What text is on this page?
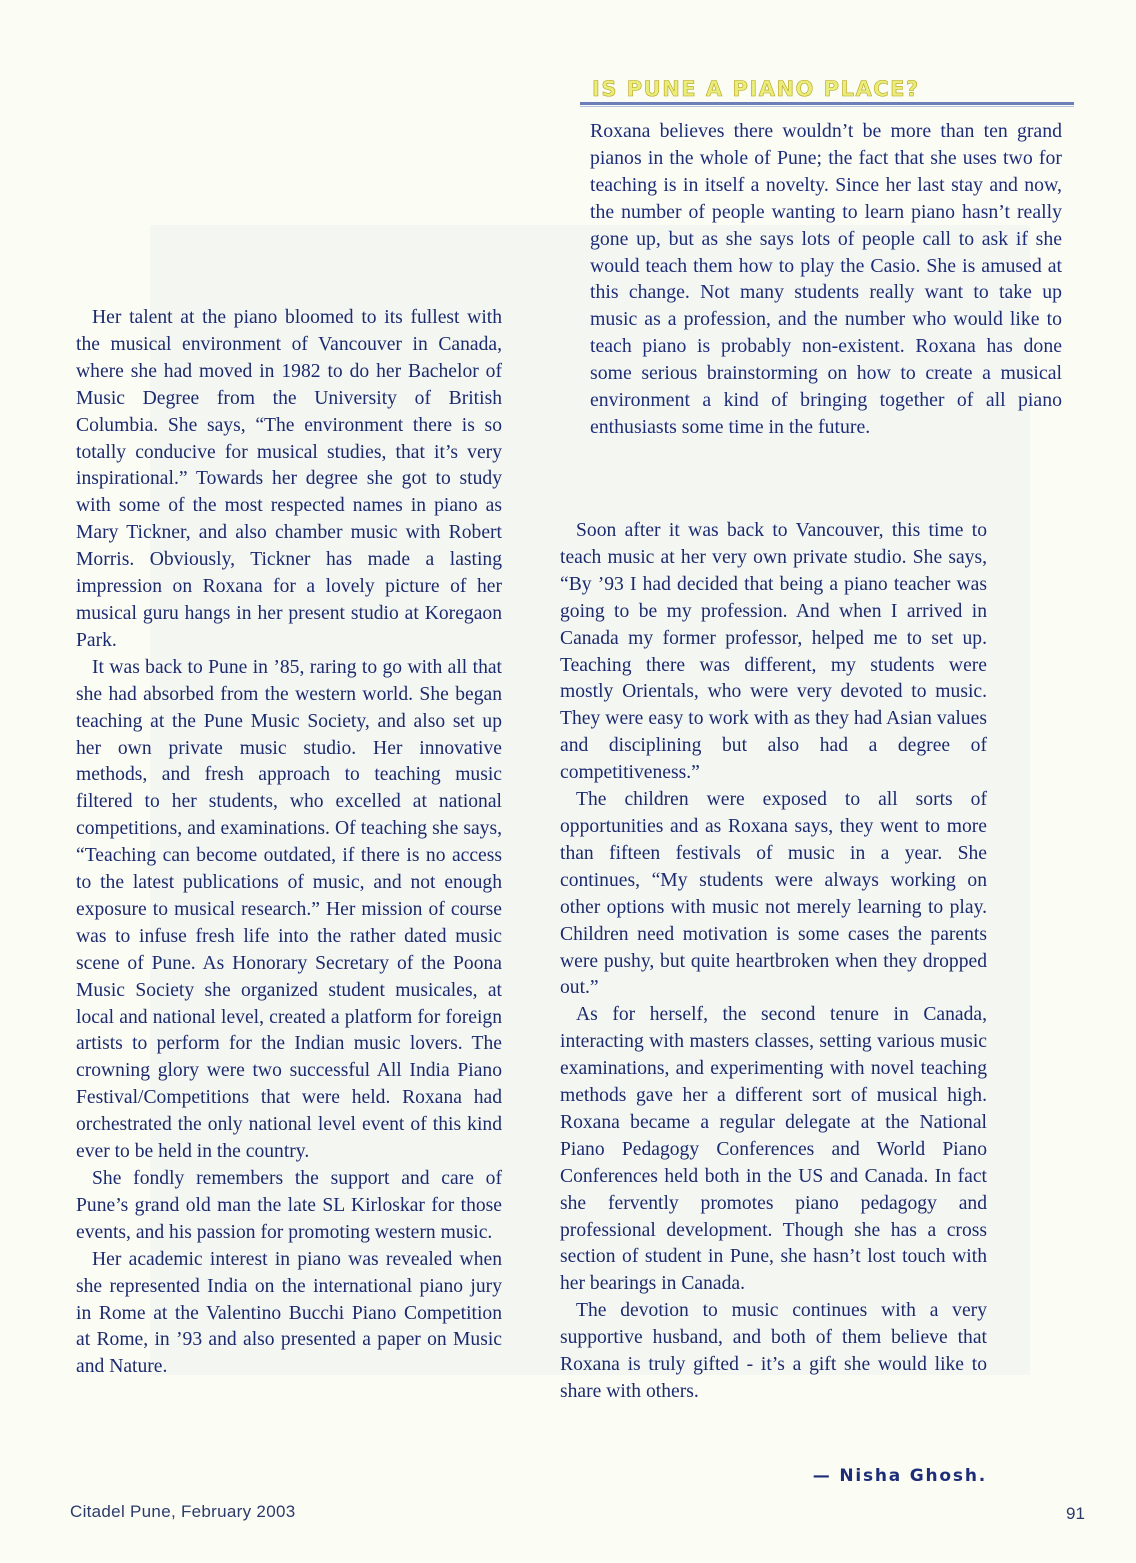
IS PUNE A PIANO PLACE?

Roxana believes there wouldn’t be more than ten grand pianos in the whole of Pune; the fact that she uses two for teaching is in itself a novelty. Since her last stay and now, the number of people wanting to learn piano hasn’t really gone up, but as she says lots of people call to ask if she would teach them how to play the Casio. She is amused at this change. Not many students really want to take up music as a profession, and the number who would like to teach piano is probably non-existent. Roxana has done some serious brainstorming on how to create a musical environment a kind of bringing together of all piano enthusiasts some time in the future.

Her talent at the piano bloomed to its fullest with the musical environment of Vancouver in Canada, where she had moved in 1982 to do her Bachelor of Music Degree from the University of British Columbia. She says, “The environment there is so totally conducive for musical studies, that it’s very inspirational.” Towards her degree she got to study with some of the most respected names in piano as Mary Tickner, and also chamber music with Robert Morris. Obviously, Tickner has made a lasting impression on Roxana for a lovely picture of her musical guru hangs in her present studio at Koregaon Park.

It was back to Pune in ’85, raring to go with all that she had absorbed from the western world. She began teaching at the Pune Music Society, and also set up her own private music studio. Her innovative methods, and fresh approach to teaching music filtered to her students, who excelled at national competitions, and examinations. Of teaching she says, “Teaching can become outdated, if there is no access to the latest publications of music, and not enough exposure to musical research.” Her mission of course was to infuse fresh life into the rather dated music scene of Pune. As Honorary Secretary of the Poona Music Society she organized student musicales, at local and national level, created a platform for foreign artists to perform for the Indian music lovers. The crowning glory were two successful All India Piano Festival/Competitions that were held. Roxana had orchestrated the only national level event of this kind ever to be held in the country.

She fondly remembers the support and care of Pune’s grand old man the late SL Kirloskar for those events, and his passion for promoting western music.

Her academic interest in piano was revealed when she represented India on the international piano jury in Rome at the Valentino Bucchi Piano Competition at Rome, in ’93 and also presented a paper on Music and Nature.

Soon after it was back to Vancouver, this time to teach music at her very own private studio. She says, “By ’93 I had decided that being a piano teacher was going to be my profession. And when I arrived in Canada my former professor, helped me to set up. Teaching there was different, my students were mostly Orientals, who were very devoted to music. They were easy to work with as they had Asian values and disciplining but also had a degree of competitiveness.”

The children were exposed to all sorts of opportunities and as Roxana says, they went to more than fifteen festivals of music in a year. She continues, “My students were always working on other options with music not merely learning to play. Children need motivation is some cases the parents were pushy, but quite heartbroken when they dropped out.”

As for herself, the second tenure in Canada, interacting with masters classes, setting various music examinations, and experimenting with novel teaching methods gave her a different sort of musical high. Roxana became a regular delegate at the National Piano Pedagogy Conferences and World Piano Conferences held both in the US and Canada. In fact she fervently promotes piano pedagogy and professional development. Though she has a cross section of student in Pune, she hasn’t lost touch with her bearings in Canada.

The devotion to music continues with a very supportive husband, and both of them believe that Roxana is truly gifted - it’s a gift she would like to share with others.

— Nisha Ghosh.
Citadel Pune, February 2003	91
